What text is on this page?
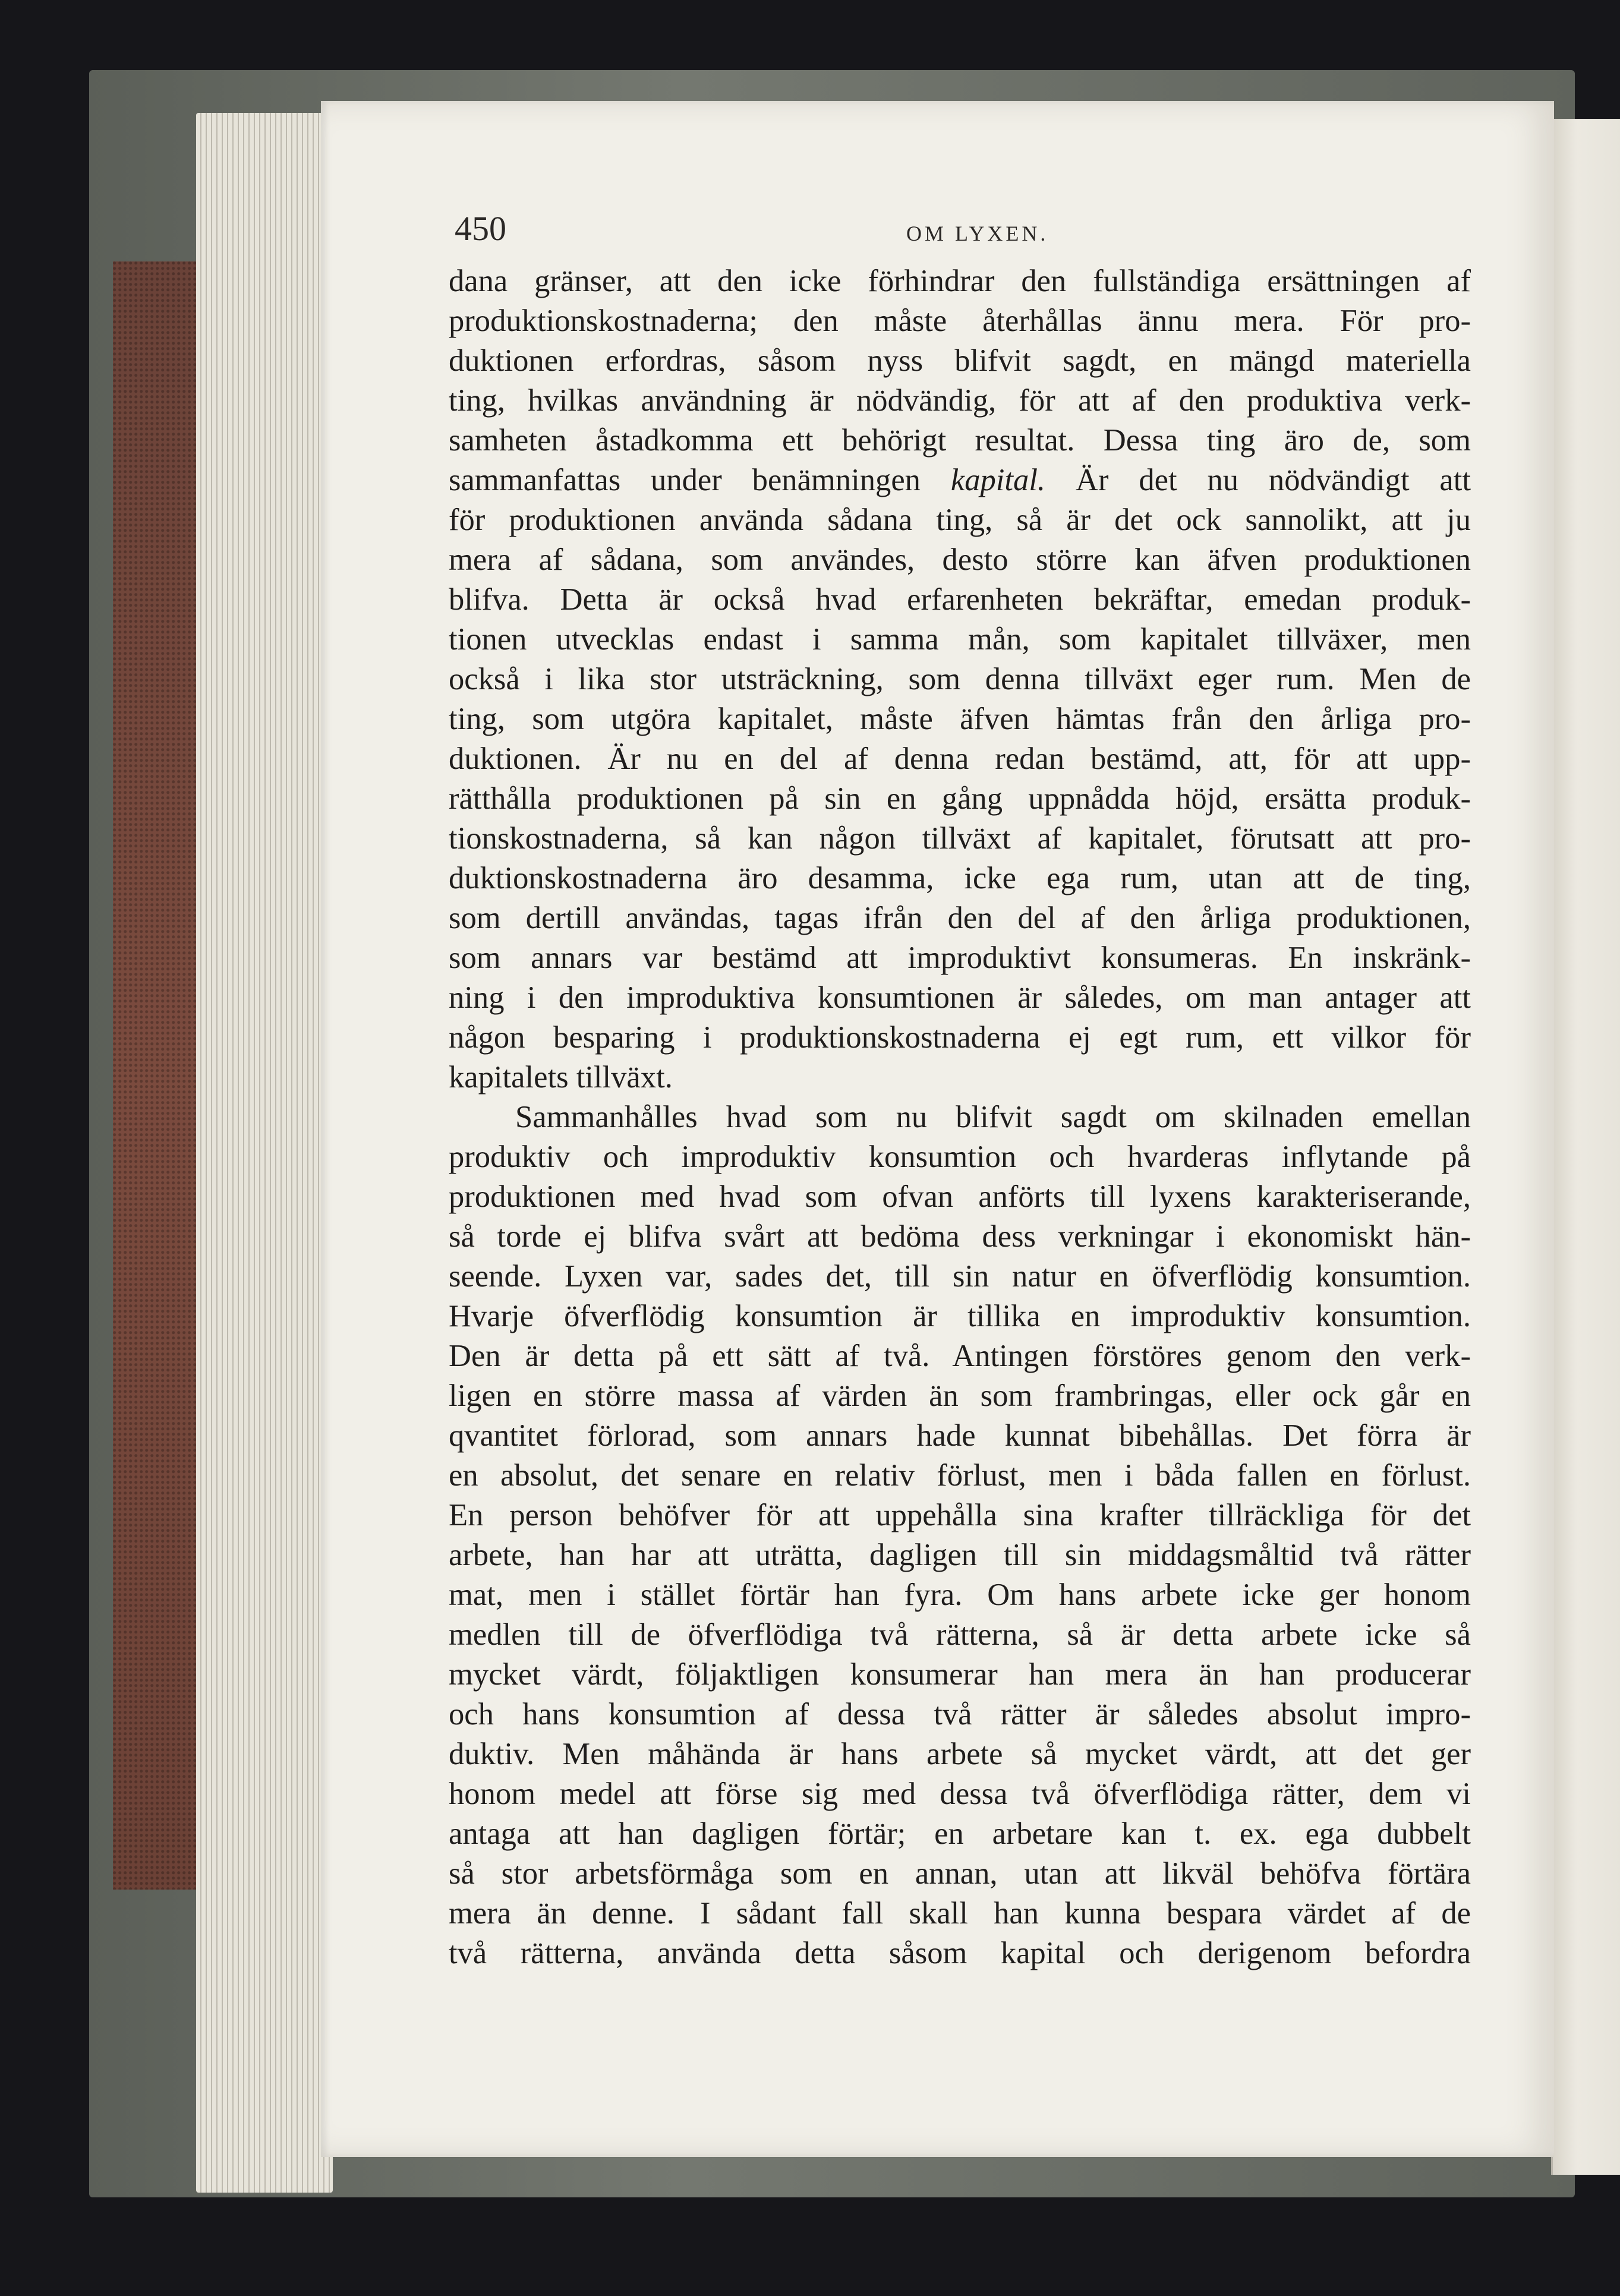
450	OM LYXEN.
dana gränser, att den icke förhindrar den fullständiga ersättningen af
produktionskostnaderna; den måste återhållas ännu mera. För pro-
duktionen erfordras, såsom nyss blifvit sagdt, en mängd materiella
ting, hvilkas användning är nödvändig, för att af den produktiva verk-
samheten åstadkomma ett behörigt resultat. Dessa ting äro de, som
sammanfattas under benämningen kapital. Är det nu nödvändigt att
för produktionen använda sådana ting, så är det ock sannolikt, att ju
mera af sådana, som användes, desto större kan äfven produktionen
blifva. Detta är också hvad erfarenheten bekräftar, emedan produk-
tionen utvecklas endast i samma mån, som kapitalet tillväxer, men
också i lika stor utsträckning, som denna tillväxt eger rum. Men de
ting, som utgöra kapitalet, måste äfven hämtas från den årliga pro-
duktionen. Är nu en del af denna redan bestämd, att, för att upp-
rätthålla produktionen på sin en gång uppnådda höjd, ersätta produk-
tionskostnaderna, så kan någon tillväxt af kapitalet, förutsatt att pro-
duktionskostnaderna äro desamma, icke ega rum, utan att de ting,
som dertill användas, tagas ifrån den del af den årliga produktionen,
som annars var bestämd att improduktivt konsumeras. En inskränk-
ning i den improduktiva konsumtionen är således, om man antager att
någon besparing i produktionskostnaderna ej egt rum, ett vilkor för
kapitalets tillväxt.
Sammanhålles hvad som nu blifvit sagdt om skilnaden emellan
produktiv och improduktiv konsumtion och hvarderas inflytande på
produktionen med hvad som ofvan anförts till lyxens karakteriserande,
så torde ej blifva svårt att bedöma dess verkningar i ekonomiskt hän-
seende. Lyxen var, sades det, till sin natur en öfverflödig konsumtion.
Hvarje öfverflödig konsumtion är tillika en improduktiv konsumtion.
Den är detta på ett sätt af två. Antingen förstöres genom den verk-
ligen en större massa af värden än som frambringas, eller ock går en
qvantitet förlorad, som annars hade kunnat bibehållas. Det förra är
en absolut, det senare en relativ förlust, men i båda fallen en förlust.
En person behöfver för att uppehålla sina krafter tillräckliga för det
arbete, han har att uträtta, dagligen till sin middagsmåltid två rätter
mat, men i stället förtär han fyra. Om hans arbete icke ger honom
medlen till de öfverflödiga två rätterna, så är detta arbete icke så
mycket värdt, följaktligen konsumerar han mera än han producerar
och hans konsumtion af dessa två rätter är således absolut impro-
duktiv. Men måhända är hans arbete så mycket värdt, att det ger
honom medel att förse sig med dessa två öfverflödiga rätter, dem vi
antaga att han dagligen förtär; en arbetare kan t. ex. ega dubbelt
så stor arbetsförmåga som en annan, utan att likväl behöfva förtära
mera än denne. I sådant fall skall han kunna bespara värdet af de
två rätterna, använda detta såsom kapital och derigenom befordra
